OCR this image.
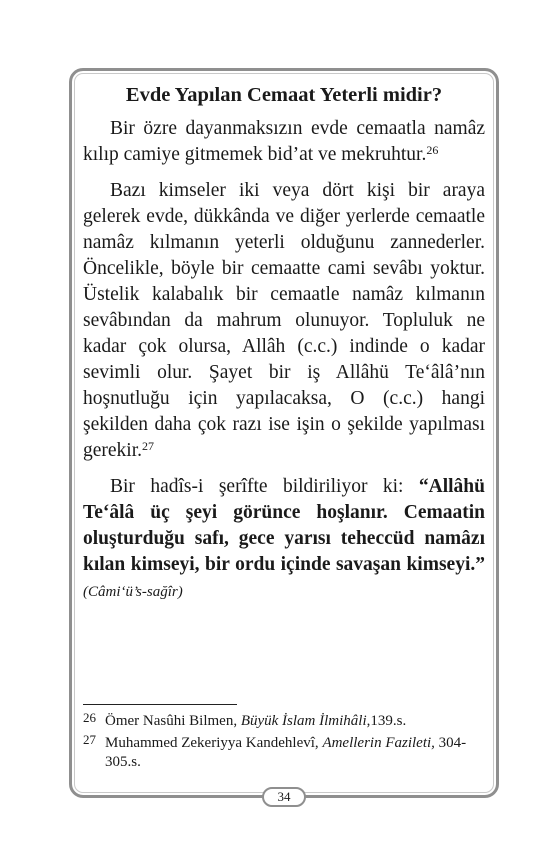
Evde Yapılan Cemaat Yeterli midir?

Bir özre dayanmaksızın evde cemaatla namâz kılıp camiye gitmemek bid’at ve mekruhtur.$^{26}$

Bazı kimseler iki veya dört kişi bir araya gelerek evde, dükkânda ve diğer yerlerde cemaatle namâz kılmanın yeterli olduğunu zannederler. Öncelikle, böyle bir cemaatte cami sevâbı yoktur. Üstelik kalabalık bir cemaatle namâz kılmanın sevâbından da mahrum olunuyor. Topluluk ne kadar çok olursa, Allâh (c.c.) indinde o kadar sevimli olur. Şayet bir iş Allâhü Te‘âlâ’nın hoşnutluğu için yapılacaksa, O (c.c.) hangi şekilden daha çok razı ise işin o şekilde yapılması gerekir.$^{27}$

Bir hadîs-i şerîfte bildiriliyor ki: “Allâhü Te‘âlâ üç şeyi görünce hoşlanır. Cemaatin oluşturduğu safı, gece yarısı teheccüd namâzı kılan kimseyi, bir ordu içinde savaşan kimseyi.” (Câmi‘ü’s-sağîr)

26 Ömer Nasûhi Bilmen, Büyük İslam İlmihâli,139.s.
27 Muhammed Zekeriyya Kandehlevî, Amellerin Fazileti, 304-305.s.
34
